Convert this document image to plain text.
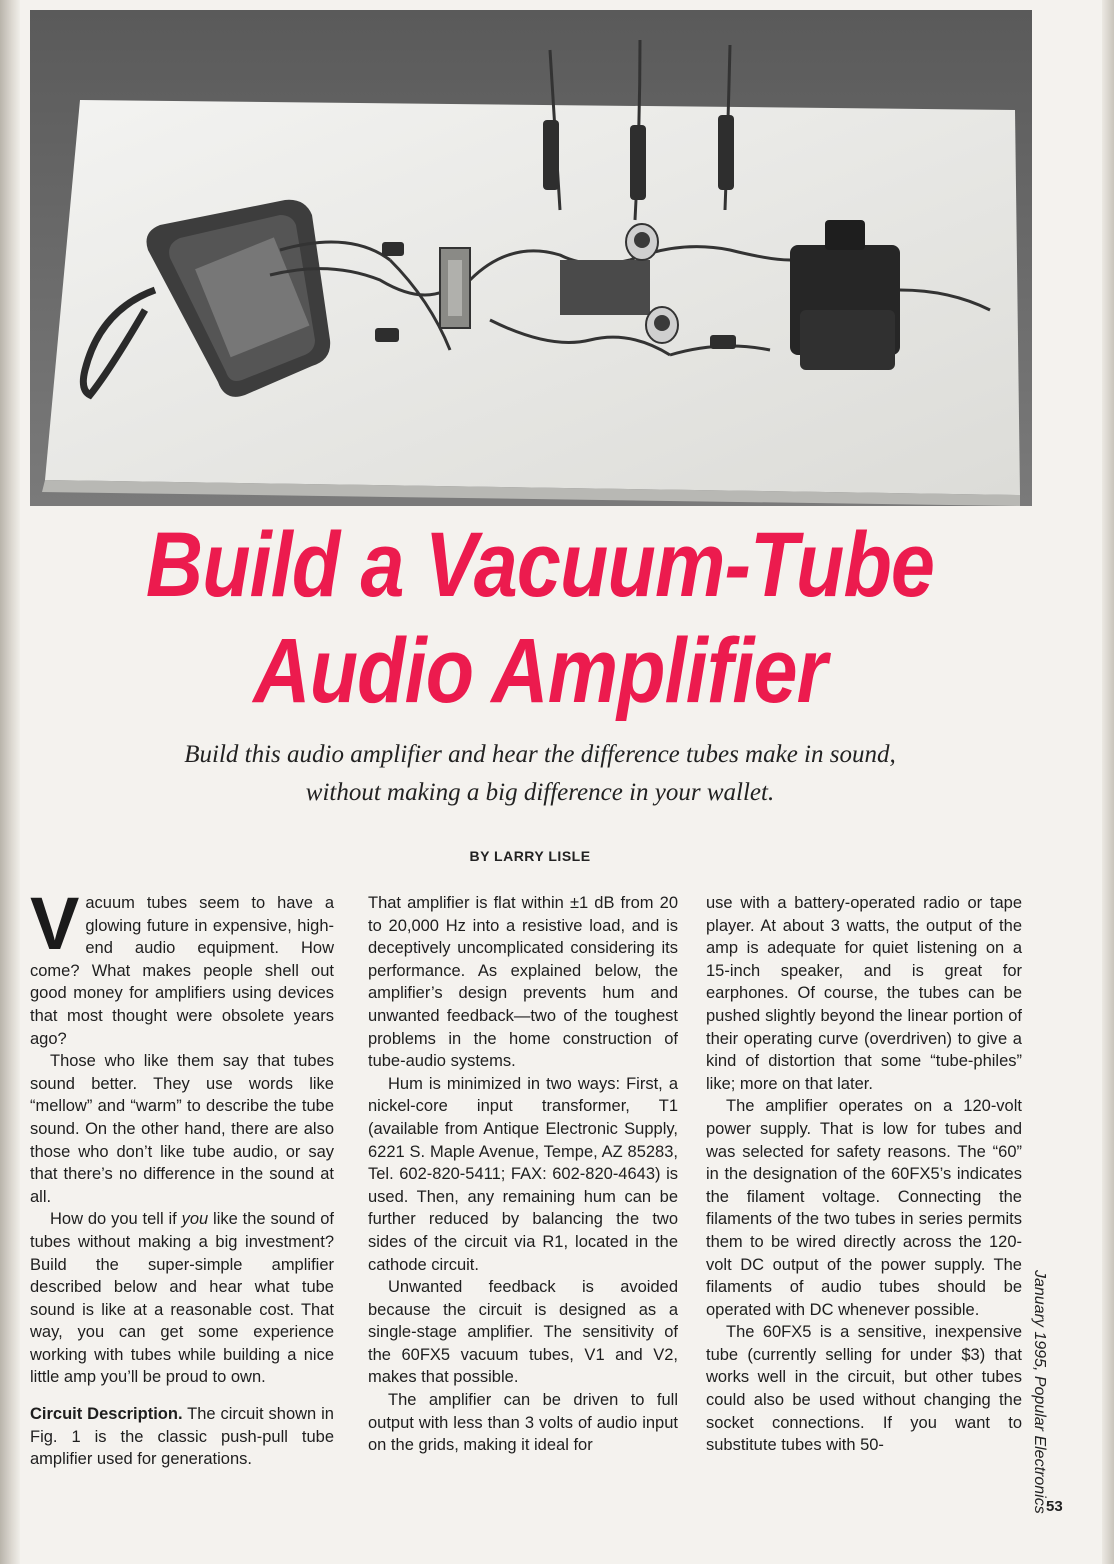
Build a Vacuum-Tube
Audio Amplifier
Build this audio amplifier and hear the difference tubes make in sound,
without making a big difference in your wallet.
BY LARRY LISLE

Vacuum tubes seem to have a glowing future in expensive, high-end audio equipment. How come? What makes people shell out good money for amplifiers using devices that most thought were obsolete years ago?

Those who like them say that tubes sound better. They use words like “mellow” and “warm” to describe the tube sound. On the other hand, there are also those who don’t like tube audio, or say that there’s no difference in the sound at all.

How do you tell if you like the sound of tubes without making a big investment? Build the super-simple amplifier described below and hear what tube sound is like at a reasonable cost. That way, you can get some experience working with tubes while building a nice little amp you’ll be proud to own.

Circuit Description. The circuit shown in Fig. 1 is the classic push-pull tube amplifier used for generations.

That amplifier is flat within ±1 dB from 20 to 20,000 Hz into a resistive load, and is deceptively uncomplicated considering its performance. As explained below, the amplifier’s design prevents hum and unwanted feedback—two of the toughest problems in the home construction of tube-audio systems.

Hum is minimized in two ways: First, a nickel-core input transformer, T1 (available from Antique Electronic Supply, 6221 S. Maple Avenue, Tempe, AZ 85283, Tel. 602-820-5411; FAX: 602-820-4643) is used. Then, any remaining hum can be further reduced by balancing the two sides of the circuit via R1, located in the cathode circuit.

Unwanted feedback is avoided because the circuit is designed as a single-stage amplifier. The sensitivity of the 60FX5 vacuum tubes, V1 and V2, makes that possible.

The amplifier can be driven to full output with less than 3 volts of audio input on the grids, making it ideal for

use with a battery-operated radio or tape player. At about 3 watts, the output of the amp is adequate for quiet listening on a 15-inch speaker, and is great for earphones. Of course, the tubes can be pushed slightly beyond the linear portion of their operating curve (overdriven) to give a kind of distortion that some “tube-philes” like; more on that later.

The amplifier operates on a 120-volt power supply. That is low for tubes and was selected for safety reasons. The “60” in the designation of the 60FX5’s indicates the filament voltage. Connecting the filaments of the two tubes in series permits them to be wired directly across the 120-volt DC output of the power supply. The filaments of audio tubes should be operated with DC whenever possible.

The 60FX5 is a sensitive, inexpensive tube (currently selling for under $3) that works well in the circuit, but other tubes could also be used without changing the socket connections. If you want to substitute tubes with 50-	January 1995, Popular Electronics
53
